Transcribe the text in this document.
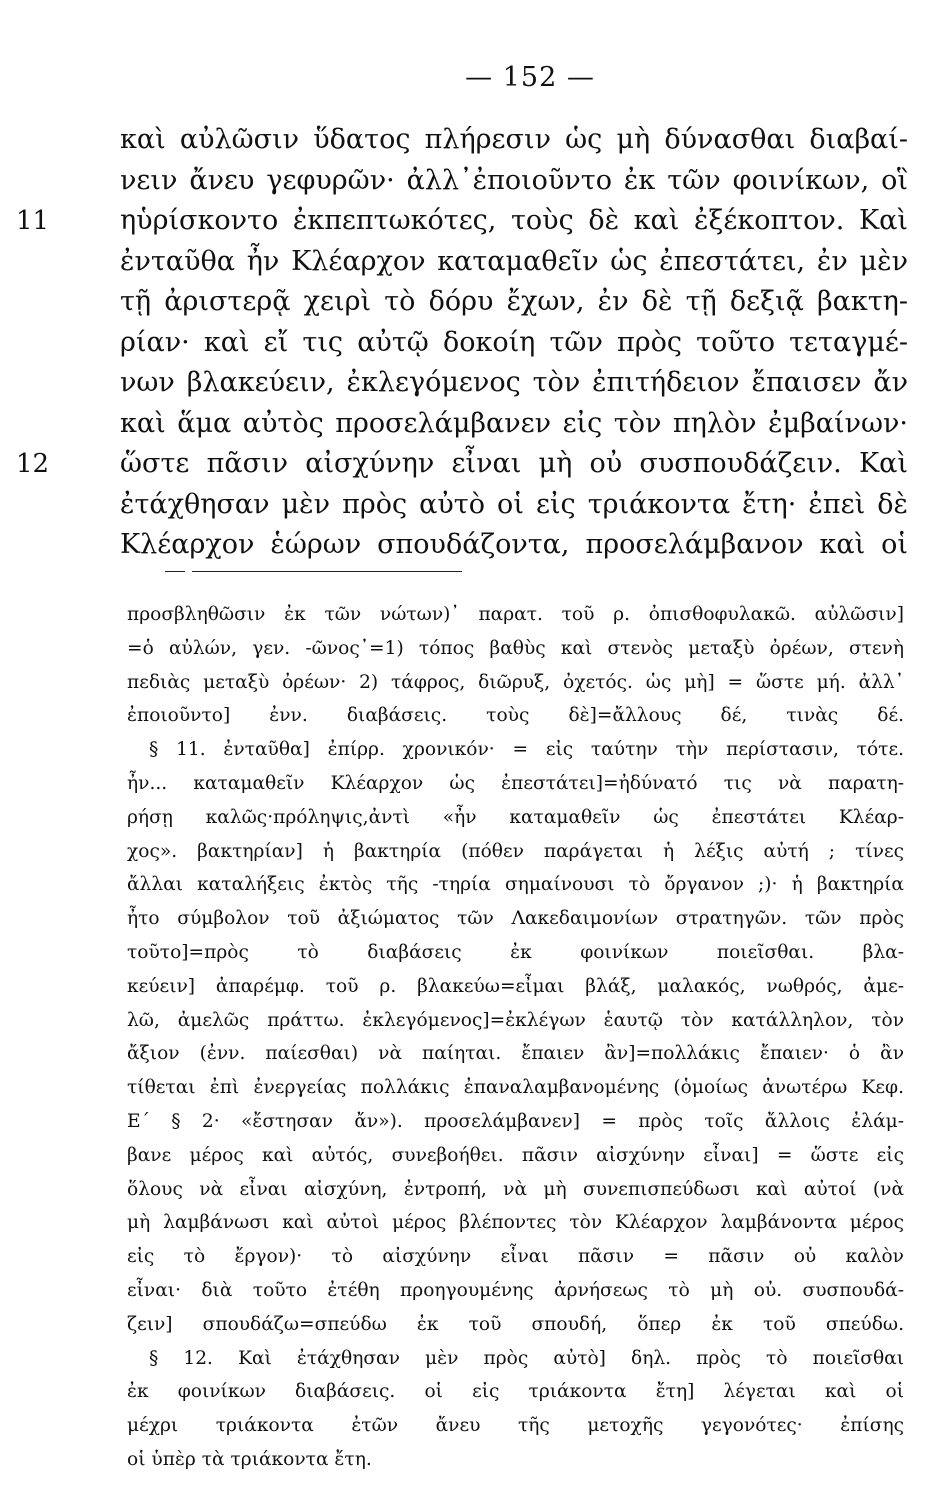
— 152 —
καὶ αὐλῶσιν ὕδατος πλήρεσιν ὡς μὴ δύνασθαι διαβαί-
νειν ἄνευ γεφυρῶν· ἀλλ᾽ἐποιοῦντο ἐκ τῶν φοινίκων, οἳ
ηὑρίσκοντο ἐκπεπτωκότες, τοὺς δὲ καὶ ἐξέκοπτον. Καὶ
11
ἐνταῦθα ἦν Κλέαρχον καταμαθεῖν ὡς ἐπεστάτει, ἐν μὲν
τῇ ἀριστερᾷ χειρὶ τὸ δόρυ ἔχων, ἐν δὲ τῇ δεξιᾷ βακτη-
ρίαν· καὶ εἴ τις αὐτῷ δοκοίη τῶν πρὸς τοῦτο τεταγμέ-
νων βλακεύειν, ἐκλεγόμενος τὸν ἐπιτήδειον ἔπαισεν ἄν
καὶ ἅμα αὐτὸς προσελάμβανεν εἰς τὸν πηλὸν ἐμβαίνων·
ὥστε πᾶσιν αἰσχύνην εἶναι μὴ οὐ συσπουδάζειν. Καὶ
12
ἐτάχθησαν μὲν πρὸς αὐτὸ οἱ εἰς τριάκοντα ἔτη· ἐπεὶ δὲ
Κλέαρχον ἑώρων σπουδάζοντα, προσελάμβανον καὶ οἱ
προσβληθῶσιν ἐκ τῶν νώτων)᾽ παρατ. τοῦ ρ. ὀπισθοφυλακῶ. αὐλῶσιν]
=ὁ αὐλών, γεν. -ῶνος᾽=1) τόπος βαθὺς καὶ στενὸς μεταξὺ ὀρέων, στενὴ
πεδιὰς μεταξὺ ὀρέων· 2) τάφρος, διῶρυξ, ὀχετός. ὡς μὴ] = ὥστε μή. ἀλλ᾽
ἐποιοῦντο] ἐνν. διαβάσεις. τοὺς δὲ]=ἄλλους δέ, τινὰς δέ.
§ 11. ἐνταῦθα] ἐπίρρ. χρονικόν· = εἰς ταύτην τὴν περίστασιν, τότε.
ἦν... καταμαθεῖν Κλέαρχον ὡς ἐπεστάτει]=ἠδύνατό τις νὰ παρατη-
ρήσῃ καλῶς·πρόληψις,ἀντὶ «ἦν καταμαθεῖν ὡς ἐπεστάτει Κλέαρ-
χος». βακτηρίαν] ἡ βακτηρία (πόθεν παράγεται ἡ λέξις αὐτή ; τίνες
ἄλλαι καταλήξεις ἐκτὸς τῆς -τηρία σημαίνουσι τὸ ὄργανον ;)· ἡ βακτηρία
ἦτο σύμβολον τοῦ ἀξιώματος τῶν Λακεδαιμονίων στρατηγῶν. τῶν πρὸς
τοῦτο]=πρὸς τὸ διαβάσεις ἐκ φοινίκων ποιεῖσθαι. βλα-
κεύειν] ἀπαρέμφ. τοῦ ρ. βλακεύω=εἶμαι βλάξ, μαλακός, νωθρός, ἀμε-
λῶ, ἀμελῶς πράττω. ἐκλεγόμενος]=ἐκλέγων ἑαυτῷ τὸν κατάλληλον, τὸν
ἄξιον (ἐνν. παίεσθαι) νὰ παίηται. ἔπαιεν ἂν]=πολλάκις ἔπαιεν· ὁ ἂν
τίθεται ἐπὶ ἐνεργείας πολλάκις ἐπαναλαμβανομένης (ὁμοίως ἀνωτέρω Κεφ.
Ε´ § 2· «ἔστησαν ἄν»). προσελάμβανεν] = πρὸς τοῖς ἄλλοις ἐλάμ-
βανε μέρος καὶ αὐτός, συνεβοήθει. πᾶσιν αἰσχύνην εἶναι] = ὥστε εἰς
ὅλους νὰ εἶναι αἰσχύνη, ἐντροπή, νὰ μὴ συνεπισπεύδωσι καὶ αὐτοί (νὰ
μὴ λαμβάνωσι καὶ αὐτοὶ μέρος βλέποντες τὸν Κλέαρχον λαμβάνοντα μέρος
εἰς τὸ ἔργον)· τὸ αἰσχύνην εἶναι πᾶσιν = πᾶσιν οὐ καλὸν
εἶναι· διὰ τοῦτο ἐτέθη προηγουμένης ἀρνήσεως τὸ μὴ οὐ. συσπουδά-
ζειν] σπουδάζω=σπεύδω ἐκ τοῦ σπουδή, ὅπερ ἐκ τοῦ σπεύδω.
§ 12. Καὶ ἐτάχθησαν μὲν πρὸς αὐτὸ] δηλ. πρὸς τὸ ποιεῖσθαι
ἐκ φοινίκων διαβάσεις. οἱ εἰς τριάκοντα ἔτη] λέγεται καὶ οἱ
μέχρι τριάκοντα ἐτῶν ἄνευ τῆς μετοχῆς γεγονότες· ἐπίσης
οἱ ὑπὲρ τὰ τριάκοντα ἔτη.
